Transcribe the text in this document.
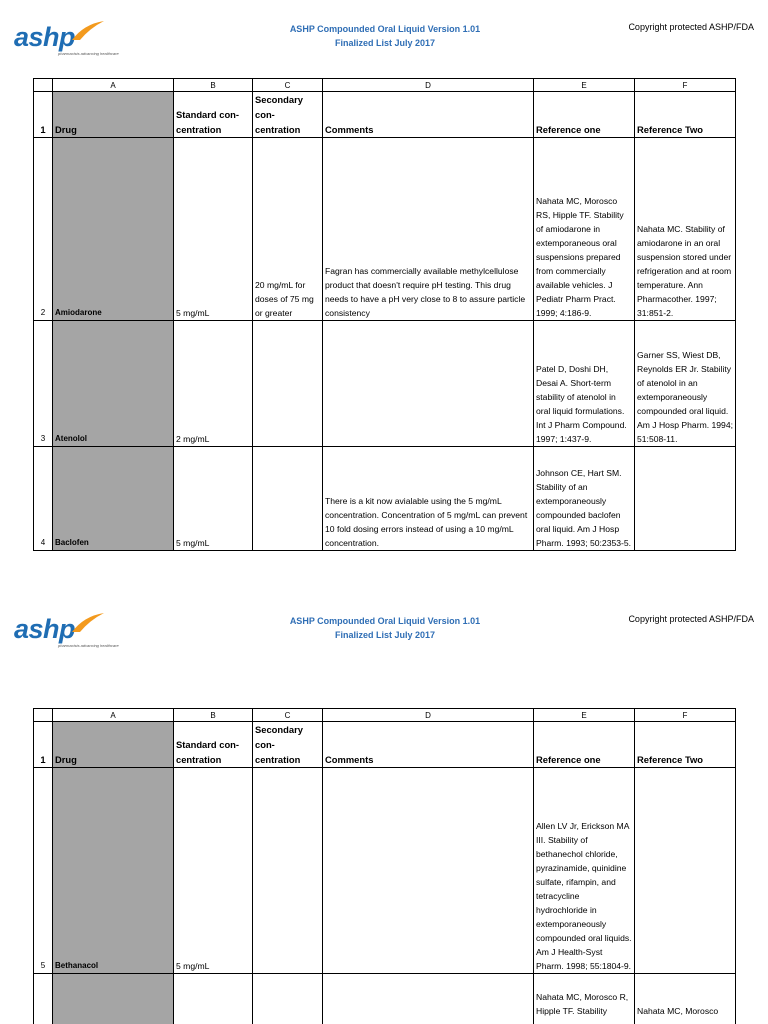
ashp
pharmacists advancing healthcare
ASHP Compounded Oral Liquid Version 1.01
Finalized List July 2017
Copyright protected ASHP/FDA
	A	B	C	D	E	F
1	Drug	Standard con-centration	Secondary con-centration	Comments	Reference one	Reference Two
2	Amiodarone	5 mg/mL	20 mg/mL for doses of 75 mg or greater	Fagran has commercially available methylcellulose product that doesn't require pH testing. This drug needs to have a pH very close to 8 to assure particle consistency	Nahata MC, Morosco RS, Hipple TF. Stability of amiodarone in extemporaneous oral suspensions prepared from commercially available vehicles. J Pediatr Pharm Pract. 1999; 4:186-9.	Nahata MC. Stability of amiodarone in an oral suspension stored under refrigeration and at room temperature. Ann Pharmacother. 1997; 31:851-2.
3	Atenolol	2 mg/mL			Patel D, Doshi DH, Desai A. Short-term stability of atenolol in oral liquid formulations. Int J Pharm Compound. 1997; 1:437-9.	Garner SS, Wiest DB, Reynolds ER Jr. Stability of atenolol in an extemporaneously compounded oral liquid. Am J Hosp Pharm. 1994; 51:508-11.
4	Baclofen	5 mg/mL		There is a kit now avialable using the 5 mg/mL concentration. Concentration of 5 mg/mL can prevent 10 fold dosing errors instead of using a 10 mg/mL concentration.	Johnson CE, Hart SM. Stability of an extemporaneously compounded baclofen oral liquid. Am J Hosp Pharm. 1993; 50:2353-5.	
ashp
pharmacists advancing healthcare
ASHP Compounded Oral Liquid Version 1.01
Finalized List July 2017
Copyright protected ASHP/FDA
	A	B	C	D	E	F
1	Drug	Standard con-centration	Secondary con-centration	Comments	Reference one	Reference Two
5	Bethanacol	5 mg/mL			Allen LV Jr, Erickson MA III. Stability of bethanechol chloride, pyrazinamide, quinidine sulfate, rifampin, and tetracycline hydrochloride in extemporaneously compounded oral liquids. Am J Health-Syst Pharm. 1998; 55:1804-9.	
					Nahata MC, Morosco R, Hipple TF. Stability	Nahata MC, Morosco
